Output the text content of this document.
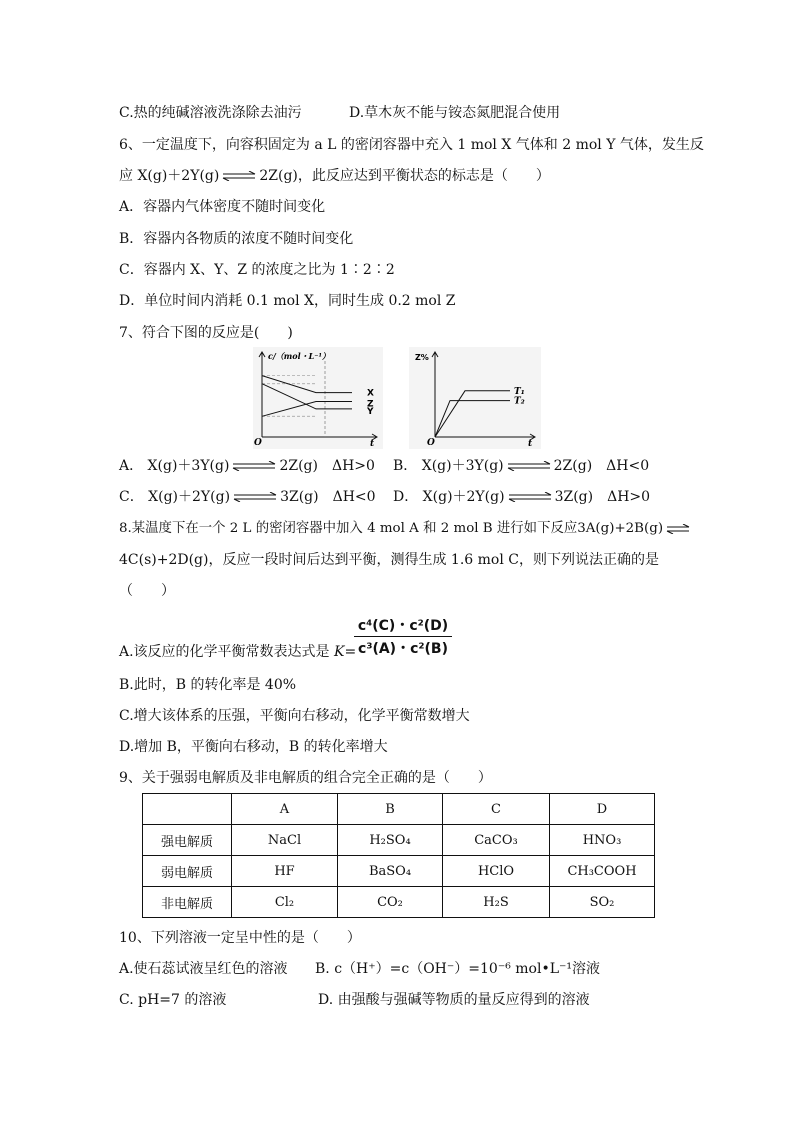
C.热的纯碱溶液洗涤除去油污	D.草木灰不能与铵态氮肥混合使用
6、一定温度下，向容积固定为 a L 的密闭容器中充入 1 mol X 气体和 2 mol Y 气体，发生反
应 X(g)＋2Y(g) ⇌ 2Z(g)，此反应达到平衡状态的标志是（　　）
A．容器内气体密度不随时间变化
B．容器内各物质的浓度不随时间变化
C．容器内 X、Y、Z 的浓度之比为 1∶2∶2
D．单位时间内消耗 0.1 mol X，同时生成 0.2 mol Z
7、符合下图的反应是(　　)
c/（mol・L⁻¹）
O	t
X
Z
Y
Z%
O	t
T₁
T₂
A． X(g)＋3Y(g) ⇌ 2Z(g)　ΔH>0 B． X(g)＋3Y(g) ⇌ 2Z(g)　ΔH<0
C． X(g)＋2Y(g) ⇌ 3Z(g)　ΔH<0 D． X(g)＋2Y(g) ⇌ 3Z(g)　ΔH>0
8.某温度下在一个 2 L 的密闭容器中加入 4 mol A 和 2 mol B 进行如下反应3A(g)+2B(g) ⇌
4C(s)+2D(g)，反应一段时间后达到平衡，测得生成 1.6 mol C，则下列说法正确的是
（　　）
A.该反应的化学平衡常数表达式是 K=
$\frac{\text{c⁴(C)・c²(D)}}{\text{c³(A)・c²(B)}}$
B.此时，B 的转化率是 40%
C.增大该体系的压强，平衡向右移动，化学平衡常数增大
D.增加 B，平衡向右移动，B 的转化率增大
9、关于强弱电解质及非电解质的组合完全正确的是（　　）
	A	B	C	D
强电解质	NaCl	H₂SO₄	CaCO₃	HNO₃
弱电解质	HF	BaSO₄	HClO	CH₃COOH
非电解质	Cl₂	CO₂	H₂S	SO₂
10、下列溶液一定呈中性的是（　　）
A.使石蕊试液呈红色的溶液 B. c（H⁺）=c（OH⁻）=10⁻⁶ mol•L⁻¹溶液
C. pH=7 的溶液	D. 由强酸与强碱等物质的量反应得到的溶液
